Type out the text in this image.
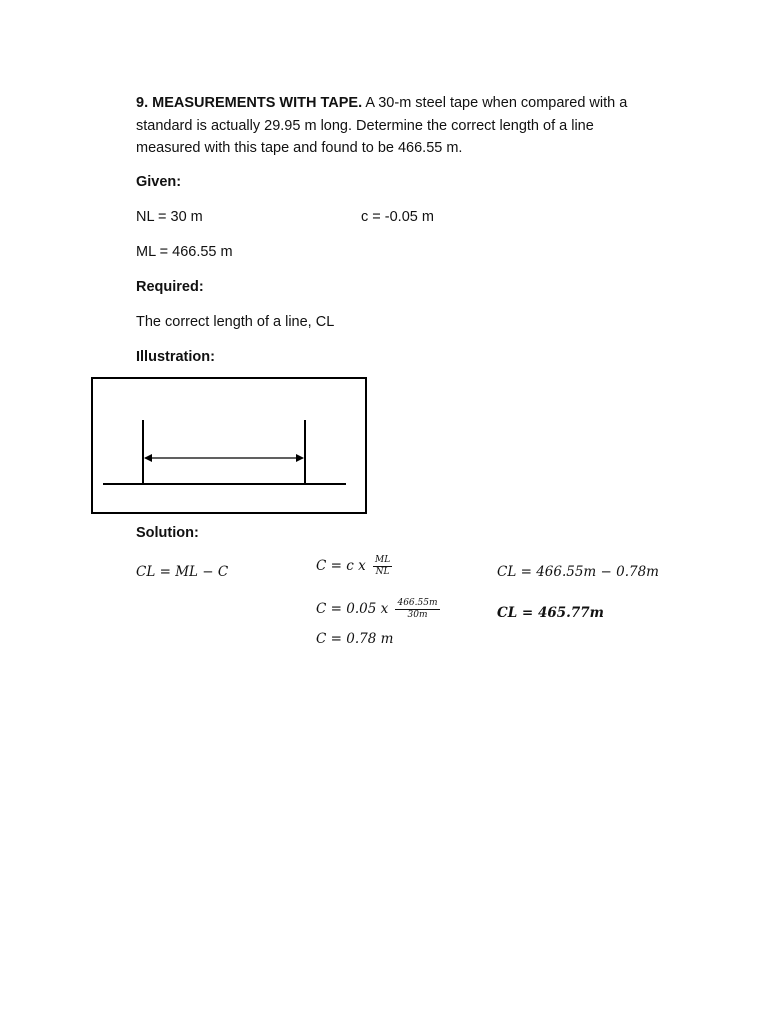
9. MEASUREMENTS WITH TAPE. A 30-m steel tape when compared with a standard is actually 29.95 m long. Determine the correct length of a line measured with this tape and found to be 466.55 m.
Given:
NL = 30 m	c = -0.05 m
ML = 466.55 m
Required:
The correct length of a line, CL
Illustration:
Solution:
CL = ML − C	C = c x $\frac{ML}{NL}$
C = 0.05 x $\frac{466.55m}{30m}$
C = 0.78 m
CL = 466.55m − 0.78m
CL = 465.77m
